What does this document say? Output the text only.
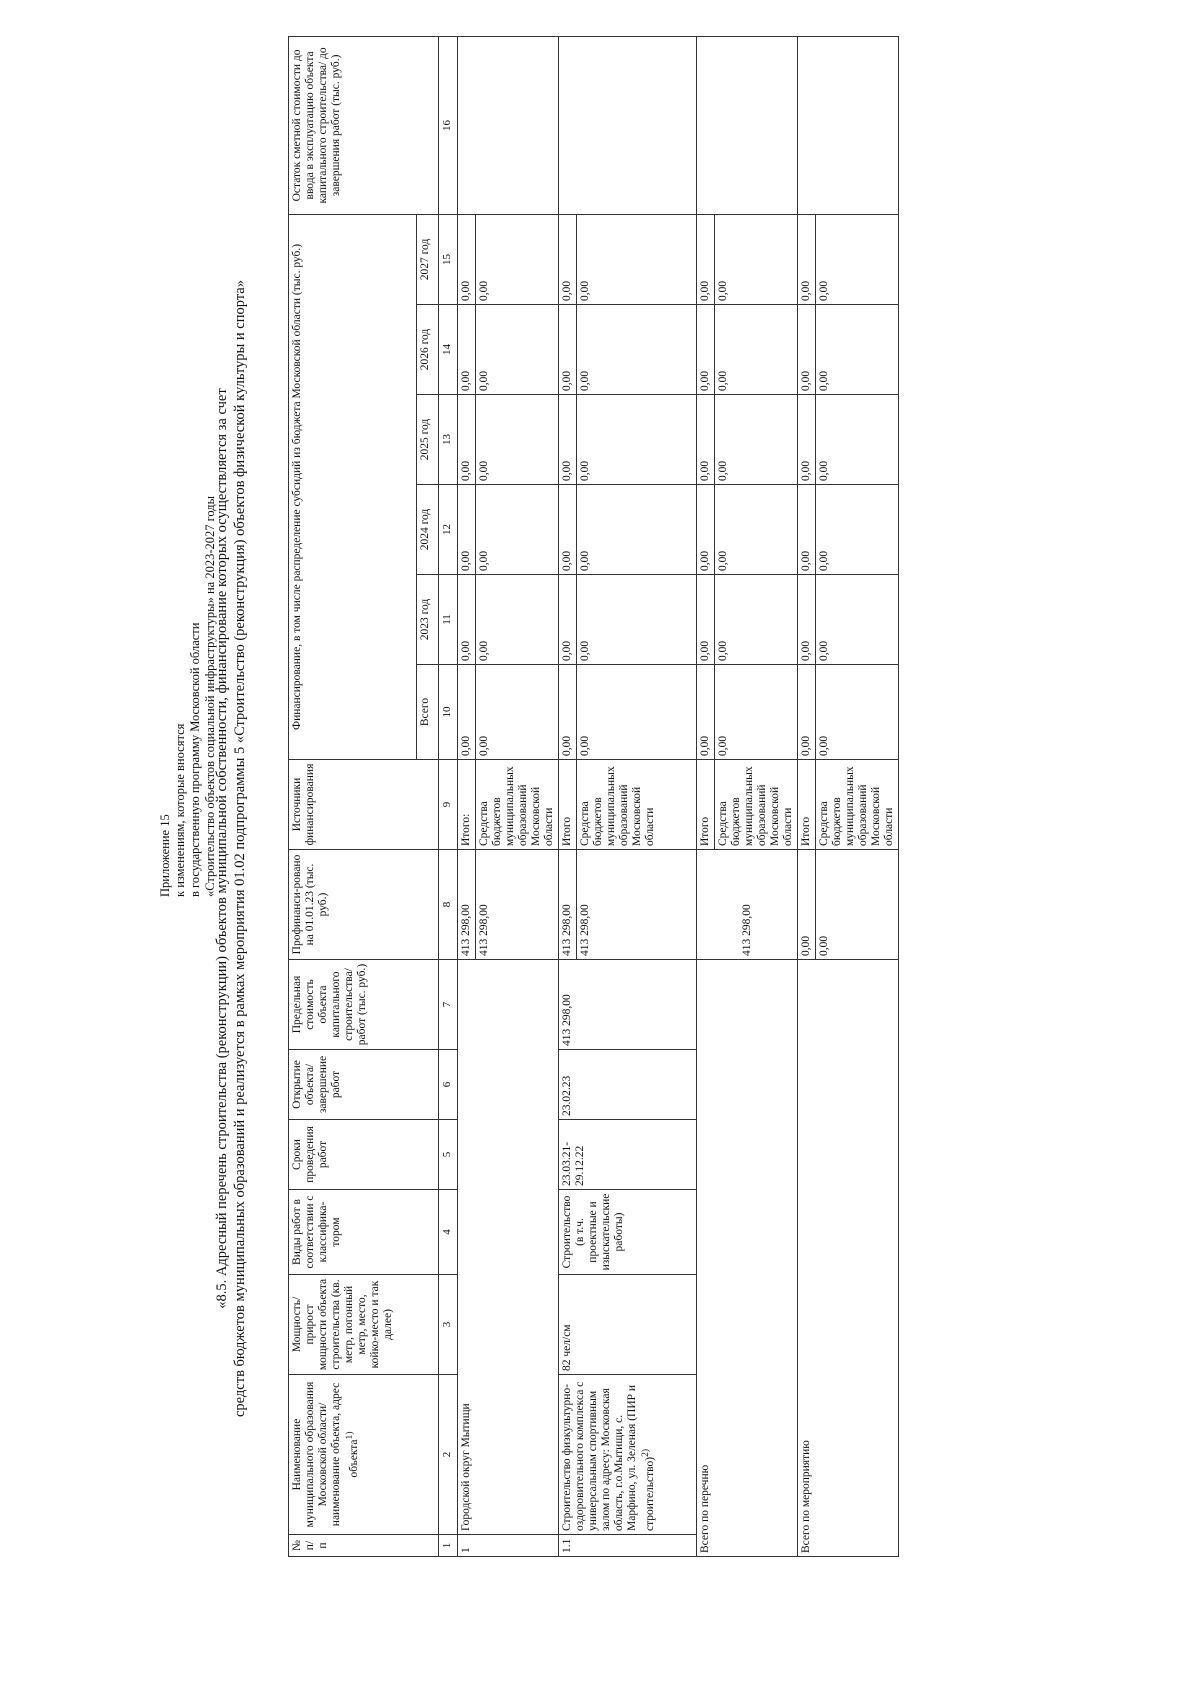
Приложение 15 к изменениям, которые вносятся в государственную программу Московской области «Строительство объектов социальной инфраструктуры» на 2023-2027 годы
«8.5. Адресный перечень строительства (реконструкции) объектов муниципальной собственности, финансирование которых осуществляется за счет средств бюджетов муниципальных образований и реализуется в рамках мероприятия 01.02 подпрограммы 5 «Строительство (реконструкция) объектов физической культуры и спорта»
№ п/п	Наименование муниципального образования Московской области/ наименование объекта, адрес объекта$^{1)}$	Мощность/ прирост мощности объекта строительства (кв. метр, погонный метр, место, койко-место и так далее)	Виды работ в соответствии с классифика-тором	Сроки проведения работ	Открытие объекта/ завершение работ	Предельная стоимость объекта капитального строительства/ работ (тыс. руб.)	Профинанси-ровано на 01.01.23 (тыс. руб.)	Источники финансирования	Финансирование, в том числе распределение субсидий из бюджета Московской области (тыс. руб.)						Остаток сметной стоимости до ввода в эксплуатацию объекта капитального строительства/ до завершения работ (тыс. руб.)
									Всего	2023 год	2024 год	2025 год	2026 год	2027 год	
1	2	3	4	5	6	7	8	9	10	11	12	13	14	15	16
1	Городской округ Мытищи						413 298,00	Итого:	0,00	0,00	0,00	0,00	0,00	0,00	
							413 298,00	Средства бюджетов муниципальных образований Московской области	0,00	0,00	0,00	0,00	0,00	0,00	
1.1	Строительство физкультурно-оздоровительного комплекса с универсальным спортивным залом по адресу: Московская область, г.о.Мытищи, с. Марфино, ул. Зеленая (ПИР и строительство)$^{2)}$	82 чел/см	Строительство (в т.ч. проектные и изыскательские работы)	23.03.21-29.12.22	23.02.23	413 298,00	413 298,00	Итого	0,00	0,00	0,00	0,00	0,00	0,00	
							413 298,00	Средства бюджетов муниципальных образований Московской области	0,00	0,00	0,00	0,00	0,00	0,00	
Всего по перечню							413 298,00	Итого	0,00	0,00	0,00	0,00	0,00	0,00	
								Средства бюджетов муниципальных образований Московской области	0,00	0,00	0,00	0,00	0,00	0,00	
Всего по мероприятию							0,00	Итого	0,00	0,00	0,00	0,00	0,00	0,00	
							0,00	Средства бюджетов муниципальных образований Московской области	0,00	0,00	0,00	0,00	0,00	0,00	
